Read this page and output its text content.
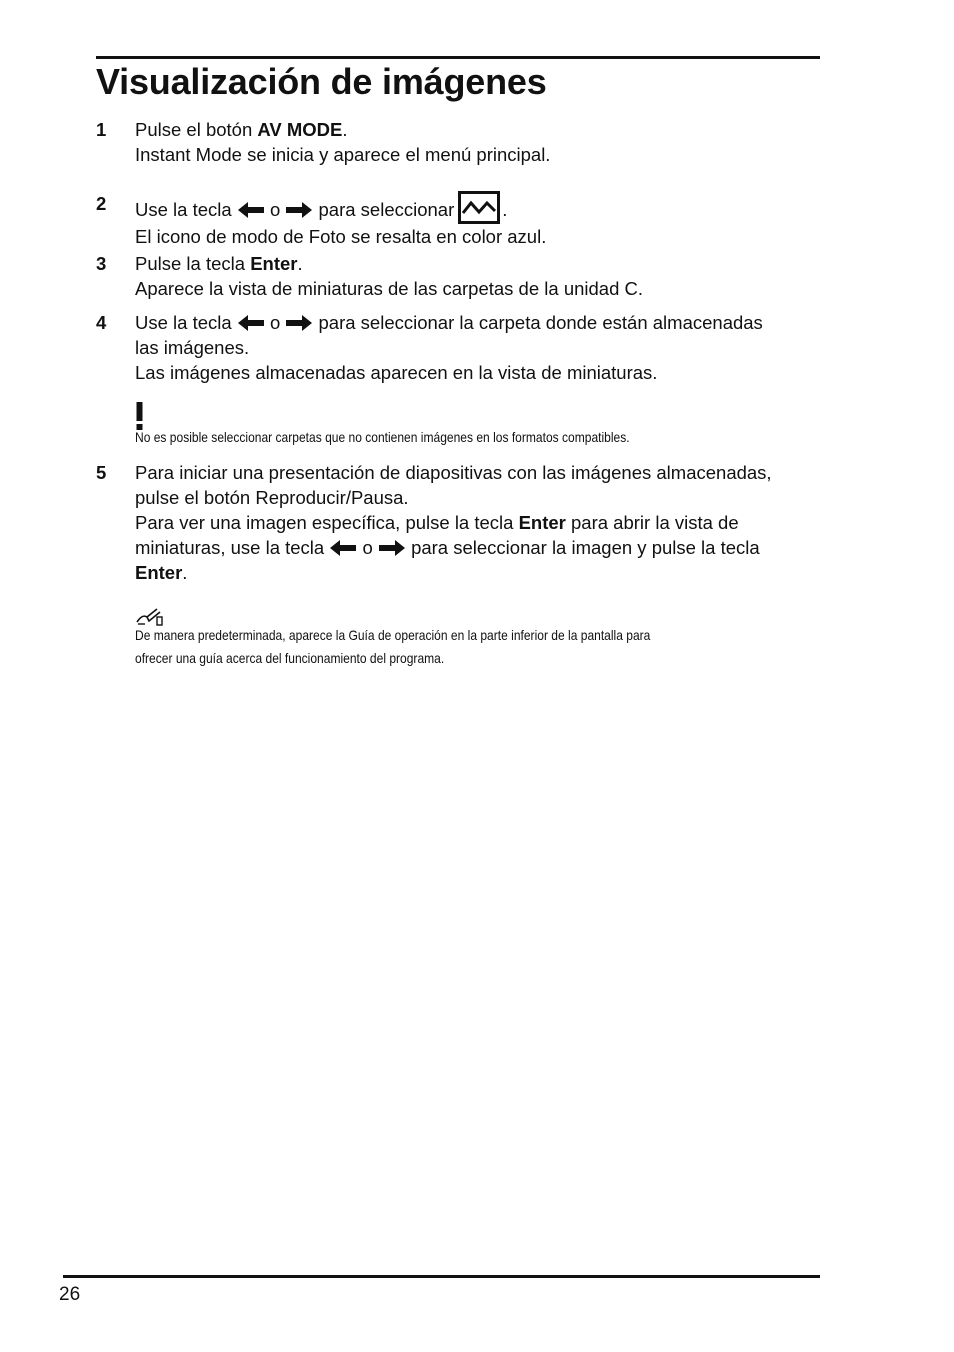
Visualización de imágenes
1	Pulse el botón AV MODE.

Instant Mode se inicia y aparece el menú principal.

2	Use la tecla o para seleccionar	.

El icono de modo de Foto se resalta en color azul.

3	Pulse la tecla Enter.

Aparece la vista de miniaturas de las carpetas de la unidad C.

4	Use la tecla o para seleccionar la carpeta donde están almacenadas

las imágenes.

Las imágenes almacenadas aparecen en la vista de miniaturas.

No es posible seleccionar carpetas que no contienen imágenes en los formatos compatibles.

5	Para iniciar una presentación de diapositivas con las imágenes almacenadas,

pulse el botón Reproducir/Pausa.

Para ver una imagen específica, pulse la tecla Enter para abrir la vista de

miniaturas, use la tecla o para seleccionar la imagen y pulse la tecla

Enter.

De manera predeterminada, aparece la Guía de operación en la parte inferior de la pantalla para

ofrecer una guía acerca del funcionamiento del programa.

26
